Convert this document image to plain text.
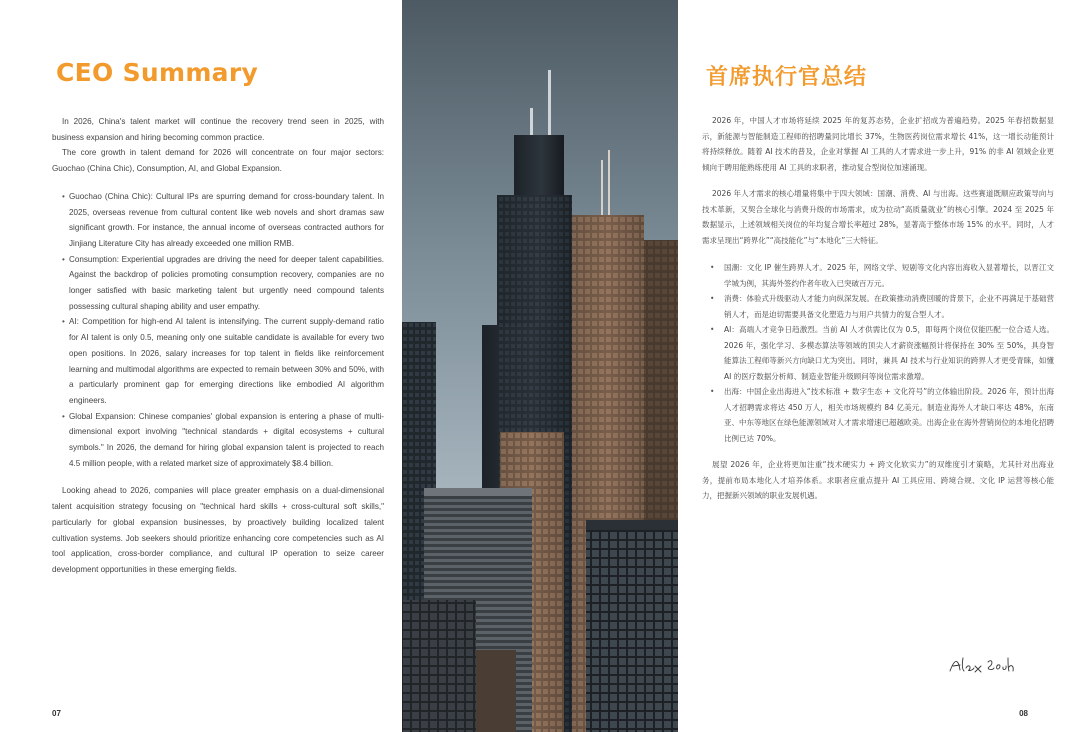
CEO Summary

In 2026, China's talent market will continue the recovery trend seen in 2025, with business expansion and hiring becoming common practice.

The core growth in talent demand for 2026 will concentrate on four major sectors: Guochao (China Chic), Consumption, AI, and Global Expansion.

• Guochao (China Chic): Cultural IPs are spurring demand for cross-boundary talent. In 2025, overseas revenue from cultural content like web novels and short dramas saw significant growth. For instance, the annual income of overseas contracted authors for Jinjiang Literature City has already exceeded one million RMB.
• Consumption: Experiential upgrades are driving the need for deeper talent capabilities. Against the backdrop of policies promoting consumption recovery, companies are no longer satisfied with basic marketing talent but urgently need compound talents possessing cultural shaping ability and user empathy.
• AI: Competition for high-end AI talent is intensifying. The current supply-demand ratio for AI talent is only 0.5, meaning only one suitable candidate is available for every two open positions. In 2026, salary increases for top talent in fields like reinforcement learning and multimodal algorithms are expected to remain between 30% and 50%, with a particularly prominent gap for emerging directions like embodied AI algorithm engineers.
• Global Expansion: Chinese companies' global expansion is entering a phase of multi-dimensional export involving "technical standards + digital ecosystems + cultural symbols." In 2026, the demand for hiring global expansion talent is projected to reach 4.5 million people, with a related market size of approximately $8.4 billion.

Looking ahead to 2026, companies will place greater emphasis on a dual-dimensional talent acquisition strategy focusing on "technical hard skills + cross-cultural soft skills," particularly for global expansion businesses, by proactively building localized talent cultivation systems. Job seekers should prioritize enhancing core competencies such as AI tool application, cross-border compliance, and cultural IP operation to seize career development opportunities in these emerging fields.

07
首席执行官总结

2026 年，中国人才市场将延续 2025 年的复苏态势，企业扩招成为普遍趋势。2025 年春招数据显示，新能源与智能制造工程师的招聘量同比增长 37%，生物医药岗位需求增长 41%，这一增长动能预计将持续释放。随着 AI 技术的普及，企业对掌握 AI 工具的人才需求进一步上升，91% 的非 AI 领域企业更倾向于聘用能熟练使用 AI 工具的求职者，推动复合型岗位加速涌现。

2026 年人才需求的核心增量将集中于四大领域：国潮、消费、AI 与出海。这些赛道既顺应政策导向与技术革新，又契合全球化与消费升级的市场需求，成为拉动“高质量就业”的核心引擎。2024 至 2025 年数据显示，上述领域相关岗位的年均复合增长率超过 28%，显著高于整体市场 15% 的水平。同时，人才需求呈现出“跨界化”“高技能化”与“本地化”三大特征。

• 国潮：文化 IP 催生跨界人才。2025 年，网络文学、短剧等文化内容出海收入显著增长，以晋江文学城为例，其海外签约作者年收入已突破百万元。
• 消费：体验式升级驱动人才能力向纵深发展。在政策推动消费回暖的背景下，企业不再满足于基础营销人才，而是迫切需要具备文化塑造力与用户共情力的复合型人才。
• AI：高端人才竞争日趋激烈。当前 AI 人才供需比仅为 0.5，即每两个岗位仅能匹配一位合适人选。2026 年，强化学习、多模态算法等领域的顶尖人才薪资涨幅预计将保持在 30% 至 50%，具身智能算法工程师等新兴方向缺口尤为突出。同时，兼具 AI 技术与行业知识的跨界人才更受青睐，如懂 AI 的医疗数据分析师、制造业智能升级顾问等岗位需求激增。
• 出海：中国企业出海进入“技术标准 + 数字生态 + 文化符号”的立体输出阶段。2026 年，预计出海人才招聘需求将达 450 万人，相关市场规模约 84 亿美元。制造业海外人才缺口率达 48%，东南亚、中东等地区在绿色能源领域对人才需求增速已超越欧美。出海企业在海外营销岗位的本地化招聘比例已达 70%。

展望 2026 年，企业将更加注重“技术硬实力 + 跨文化软实力”的双维度引才策略，尤其针对出海业务，提前布局本地化人才培养体系。求职者应重点提升 AI 工具应用、跨境合规、文化 IP 运营等核心能力，把握新兴领域的职业发展机遇。

08
